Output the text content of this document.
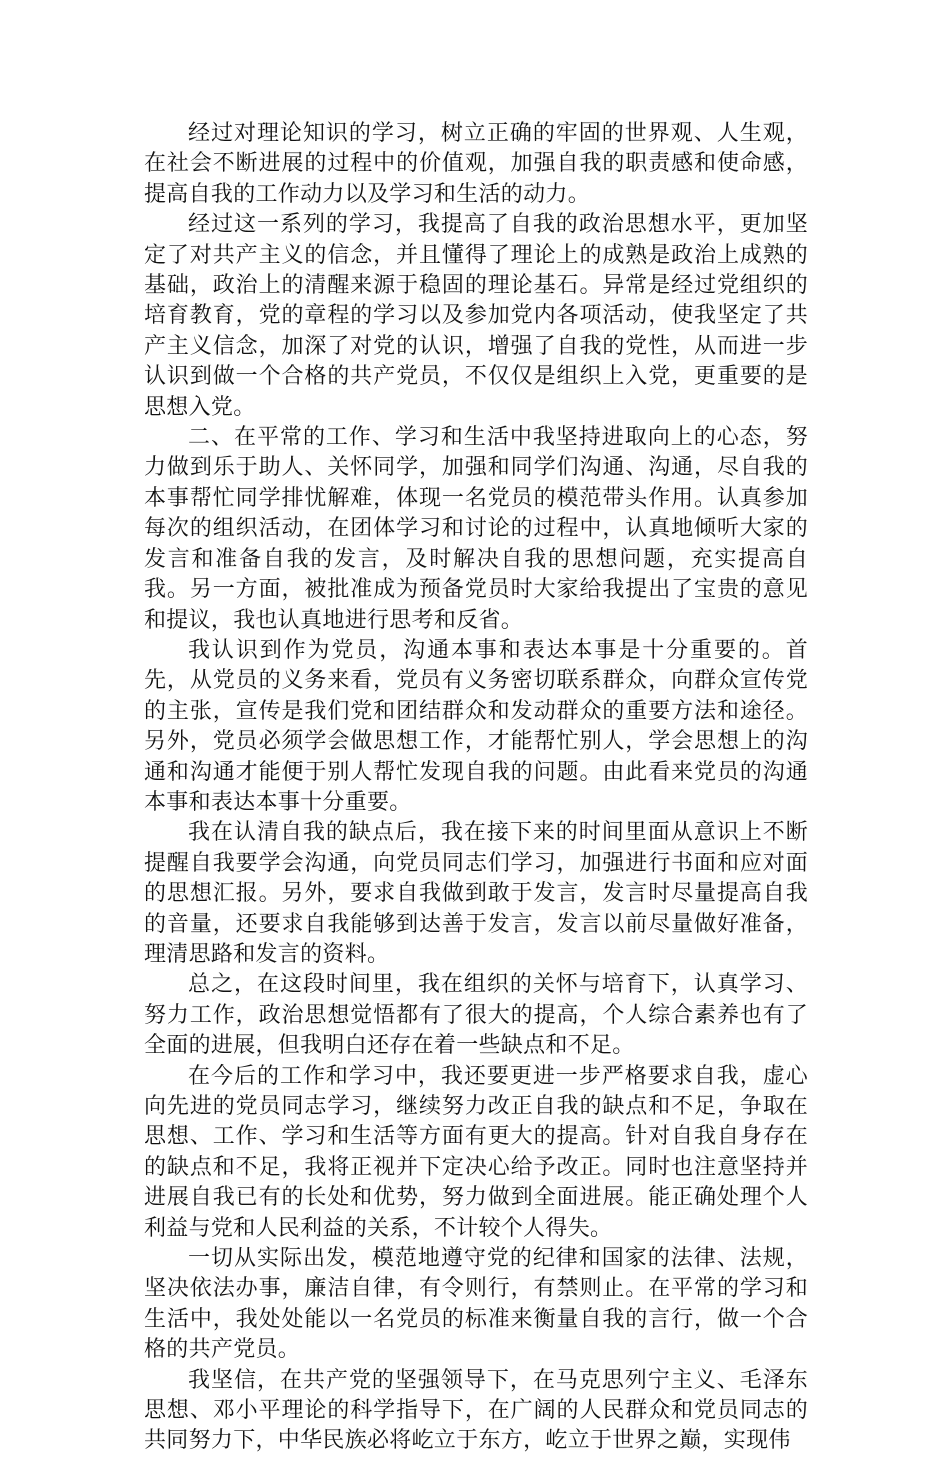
经过对理论知识的学习，树立正确的牢固的世界观、人生观，在社会不断进展的过程中的价值观，加强自我的职责感和使命感，提高自我的工作动力以及学习和生活的动力。

经过这一系列的学习，我提高了自我的政治思想水平，更加坚定了对共产主义的信念，并且懂得了理论上的成熟是政治上成熟的基础，政治上的清醒来源于稳固的理论基石。异常是经过党组织的培育教育，党的章程的学习以及参加党内各项活动，使我坚定了共产主义信念，加深了对党的认识，增强了自我的党性，从而进一步认识到做一个合格的共产党员，不仅仅是组织上入党，更重要的是思想入党。

二、在平常的工作、学习和生活中我坚持进取向上的心态，努力做到乐于助人、关怀同学，加强和同学们沟通、沟通，尽自我的本事帮忙同学排忧解难，体现一名党员的模范带头作用。认真参加每次的组织活动，在团体学习和讨论的过程中，认真地倾听大家的发言和准备自我的发言，及时解决自我的思想问题，充实提高自我。另一方面，被批准成为预备党员时大家给我提出了宝贵的意见和提议，我也认真地进行思考和反省。

我认识到作为党员，沟通本事和表达本事是十分重要的。首先，从党员的义务来看，党员有义务密切联系群众，向群众宣传党的主张，宣传是我们党和团结群众和发动群众的重要方法和途径。另外，党员必须学会做思想工作，才能帮忙别人，学会思想上的沟通和沟通才能便于别人帮忙发现自我的问题。由此看来党员的沟通本事和表达本事十分重要。

我在认清自我的缺点后，我在接下来的时间里面从意识上不断提醒自我要学会沟通，向党员同志们学习，加强进行书面和应对面的思想汇报。另外，要求自我做到敢于发言，发言时尽量提高自我的音量，还要求自我能够到达善于发言，发言以前尽量做好准备，理清思路和发言的资料。

总之，在这段时间里，我在组织的关怀与培育下，认真学习、努力工作，政治思想觉悟都有了很大的提高，个人综合素养也有了全面的进展，但我明白还存在着一些缺点和不足。

在今后的工作和学习中，我还要更进一步严格要求自我，虚心向先进的党员同志学习，继续努力改正自我的缺点和不足，争取在思想、工作、学习和生活等方面有更大的提高。针对自我自身存在的缺点和不足，我将正视并下定决心给予改正。同时也注意坚持并进展自我已有的长处和优势，努力做到全面进展。能正确处理个人利益与党和人民利益的关系，不计较个人得失。

一切从实际出发，模范地遵守党的纪律和国家的法律、法规，坚决依法办事，廉洁自律，有令则行，有禁则止。在平常的学习和生活中，我处处能以一名党员的标准来衡量自我的言行，做一个合格的共产党员。

我坚信，在共产党的坚强领导下，在马克思列宁主义、毛泽东思想、邓小平理论的科学指导下，在广阔的人民群众和党员同志的共同努力下，中华民族必将屹立于东方，屹立于世界之巅，实现伟
